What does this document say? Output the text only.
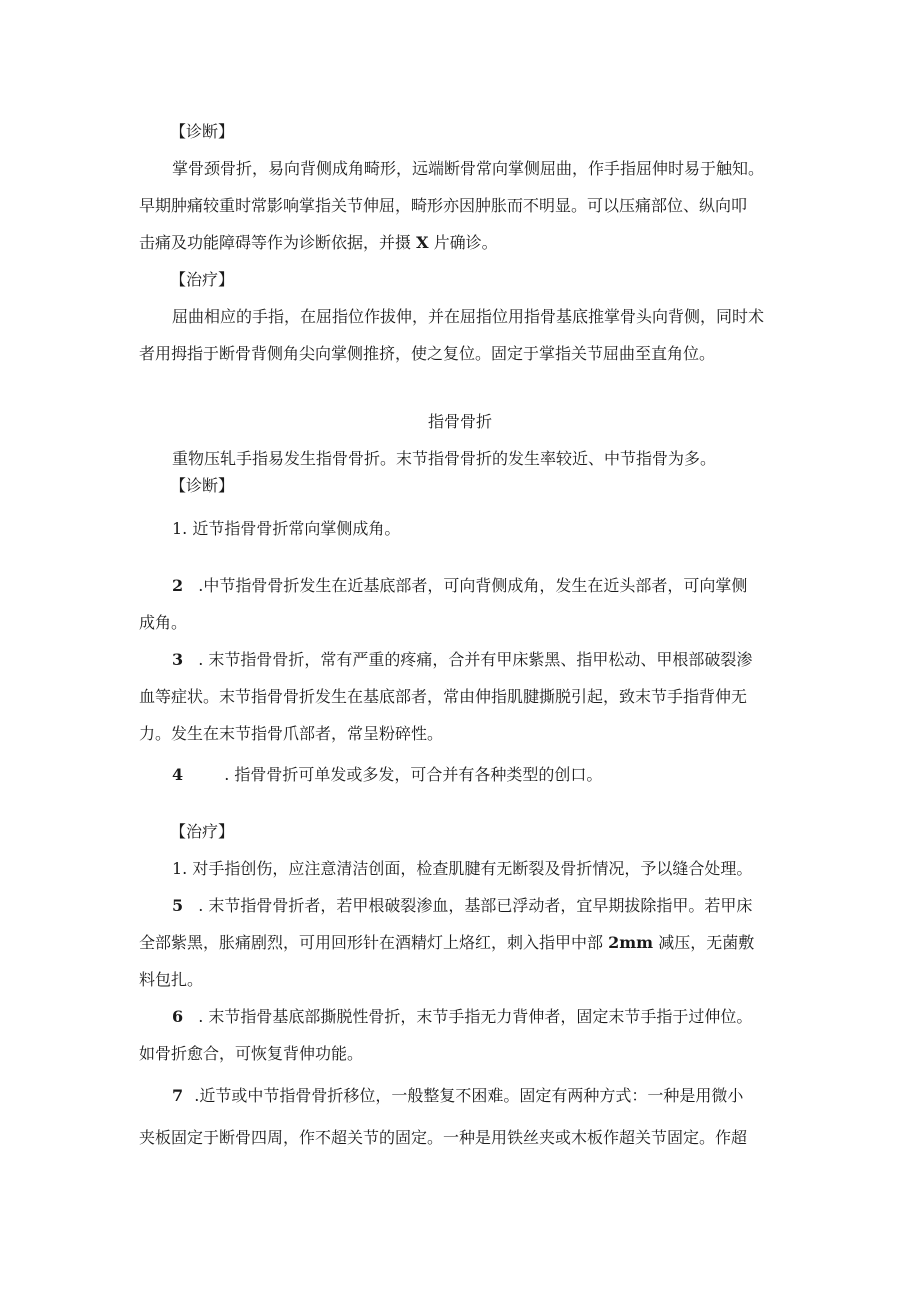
【诊断】
掌骨颈骨折，易向背侧成角畸形，远端断骨常向掌侧屈曲，作手指屈伸时易于触知。
早期肿痛较重时常影响掌指关节伸屈，畸形亦因肿胀而不明显。可以压痛部位、纵向叩
击痛及功能障碍等作为诊断依据，并摄 X 片确诊。
【治疗】
屈曲相应的手指，在屈指位作拔伸，并在屈指位用指骨基底推掌骨头向背侧，同时术
者用拇指于断骨背侧角尖向掌侧推挤，使之复位。固定于掌指关节屈曲至直角位。
指骨骨折
重物压轧手指易发生指骨骨折。末节指骨骨折的发生率较近、中节指骨为多。
【诊断】
1. 近节指骨骨折常向掌侧成角。
2 .中节指骨骨折发生在近基底部者，可向背侧成角，发生在近头部者，可向掌侧
成角。
3 . 末节指骨骨折，常有严重的疼痛，合并有甲床紫黑、指甲松动、甲根部破裂渗
血等症状。末节指骨骨折发生在基底部者，常由伸指肌腱撕脱引起，致末节手指背伸无
力。发生在末节指骨爪部者，常呈粉碎性。
4	. 指骨骨折可单发或多发，可合并有各种类型的创口。
【治疗】
1. 对手指创伤，应注意清洁创面，检查肌腱有无断裂及骨折情况，予以缝合处理。
5 . 末节指骨骨折者，若甲根破裂渗血，基部已浮动者，宜早期拔除指甲。若甲床
全部紫黑，胀痛剧烈，可用回形针在酒精灯上烙红，刺入指甲中部 2mm 减压，无菌敷
料包扎。
6 . 末节指骨基底部撕脱性骨折，末节手指无力背伸者，固定末节手指于过伸位。
如骨折愈合，可恢复背伸功能。
7 .近节或中节指骨骨折移位，一般整复不困难。固定有两种方式：一种是用微小
夹板固定于断骨四周，作不超关节的固定。一种是用铁丝夹或木板作超关节固定。作超
